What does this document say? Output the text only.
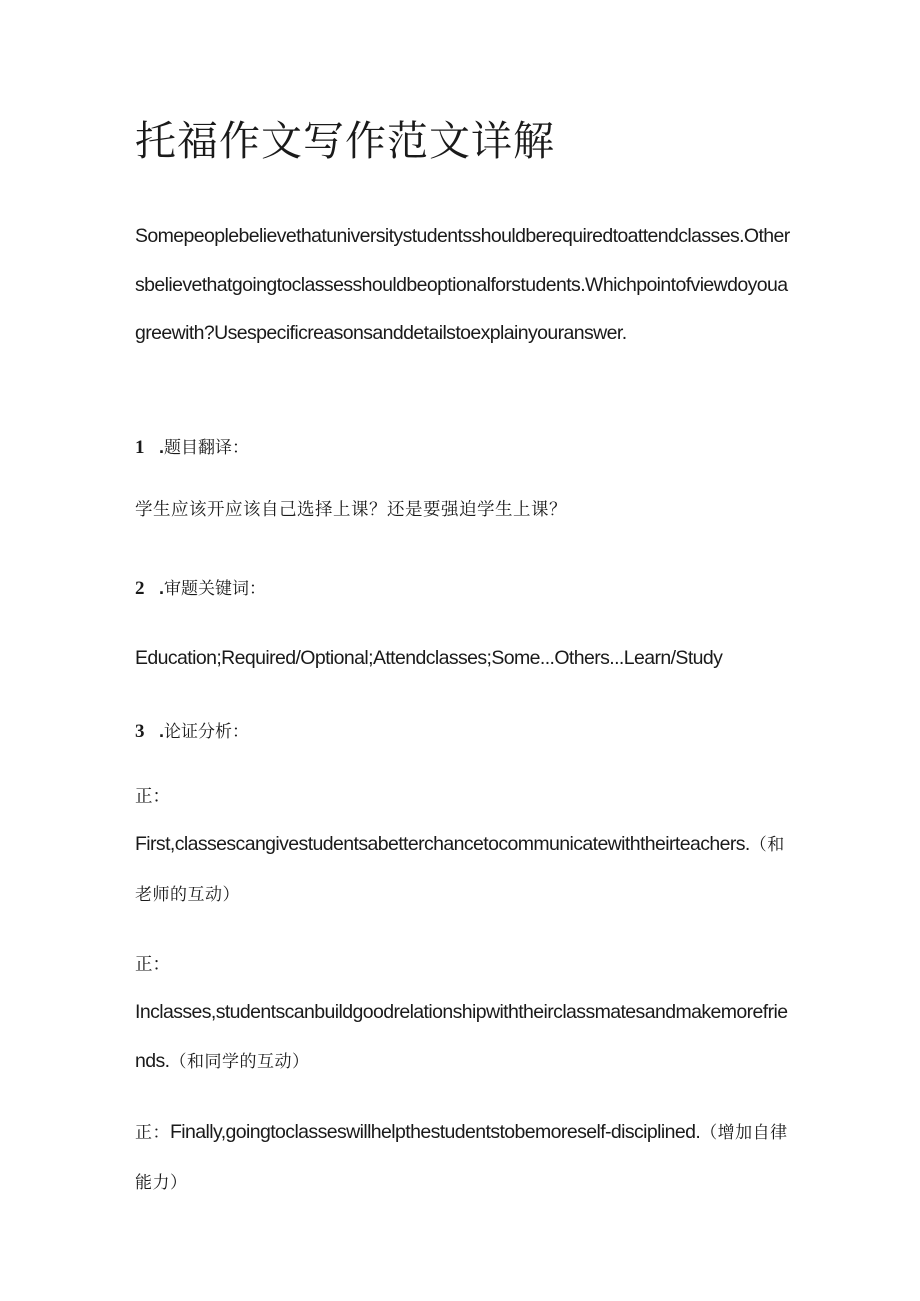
托福作文写作范文详解

Somepeoplebelievethatuniversitystudentsshouldberequiredtoattendclasses.Othersbelievethatgoingtoclassesshouldbeoptionalforstudents.Whichpointofviewdoyouagreewith?Usespecificreasonsanddetailstoexplainyouranswer.

1 .题目翻译：

学生应该开应该自己选择上课？还是要强迫学生上课？

2 .审题关键词：

Education;Required/Optional;Attendclasses;Some...Others...Learn/Study

3 .论证分析：

正：

First,classescangivestudentsabetterchancetocommunicatewiththeirteachers.（和老师的互动）

正：

Inclasses,studentscanbuildgoodrelationshipwiththeirclassmatesandmakemorefriends.（和同学的互动）

正：Finally,goingtoclasseswillhelpthestudentstobemoreself-disciplined.（增加自律能力）
